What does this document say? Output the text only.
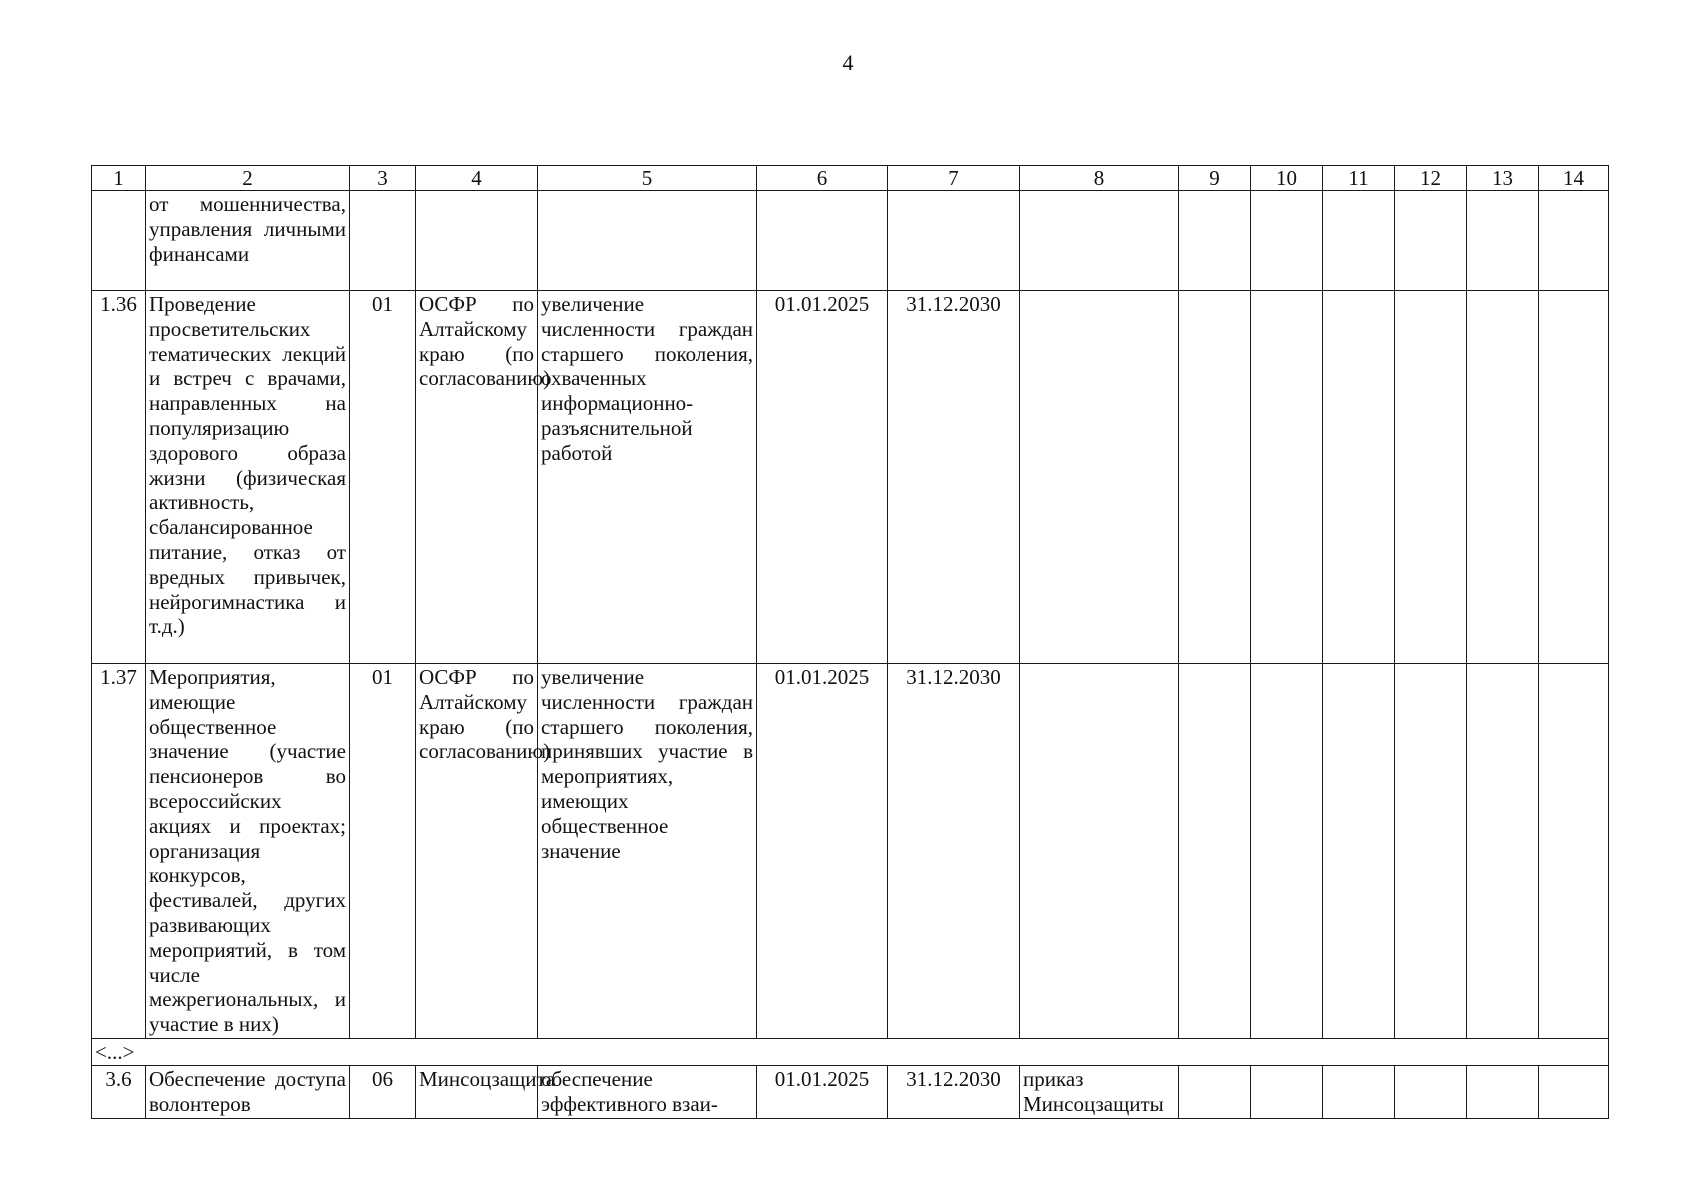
4
1	2	3	4	5	6	7	8	9	10	11	12	13	14
	от мошенничества, управления личными финансами												
1.36	Проведение просветительских тематических лекций и встреч с врачами, направленных на популяризацию здорового образа жизни (физическая активность, сбалансированное питание, отказ от вредных привычек, нейрогимнастика и т.д.)	01	ОСФР по Алтайскому краю (по согласованию)	увеличение численности граждан старшего поколения, охваченных информационно-разъяснительной работой	01.01.2025	31.12.2030							
1.37	Мероприятия, имеющие общественное значение (участие пенсионеров во всероссийских акциях и проектах; организация конкурсов, фестивалей, других развивающих мероприятий, в том числе межрегиональных, и участие в них)	01	ОСФР по Алтайскому краю (по согласованию)	увеличение численности граждан старшего поколения, принявших участие в мероприятиях, имеющих общественное значение	01.01.2025	31.12.2030							
<...>													
3.6	Обеспечение доступа волонтеров	06	Минсоцзащита	обеспечение эффективного взаи-	01.01.2025	31.12.2030	приказ Минсоцзащиты						
